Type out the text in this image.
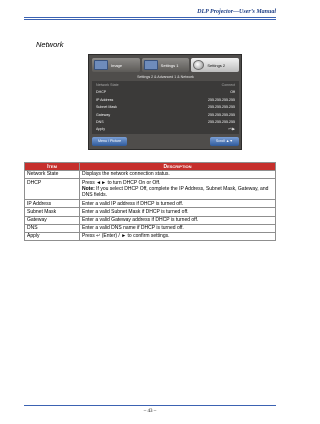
DLP Projector—User’s Manual
Network
Image	Settings 1	Settings 2
Settings 2 & Advanced 1 & Network
Network State	Connect
DHCP	Off
IP Address	255.255.255.255
Subnet Mask	255.255.255.255
Gateway	255.255.255.255
DNS	255.255.255.255
Apply	↵/▶
Menu / Picture	Scroll ▲▼
Item	Description
Network State	Displays the network connection status.
DHCP	Press ◄► to turn DHCP On or Off.
Note: If you select DHCP Off, complete the IP Address, Subnet Mask, Gateway, and DNS fields.

IP Address	Enter a valid IP address if DHCP is turned off.
Subnet Mask	Enter a valid Subnet Mask if DHCP is turned off.
Gateway	Enter a valid Gateway address if DHCP is turned off.
DNS	Enter a valid DNS name if DHCP is turned off.
Apply	Press ↵ (Enter) / ► to confirm settings.
– 43 –
